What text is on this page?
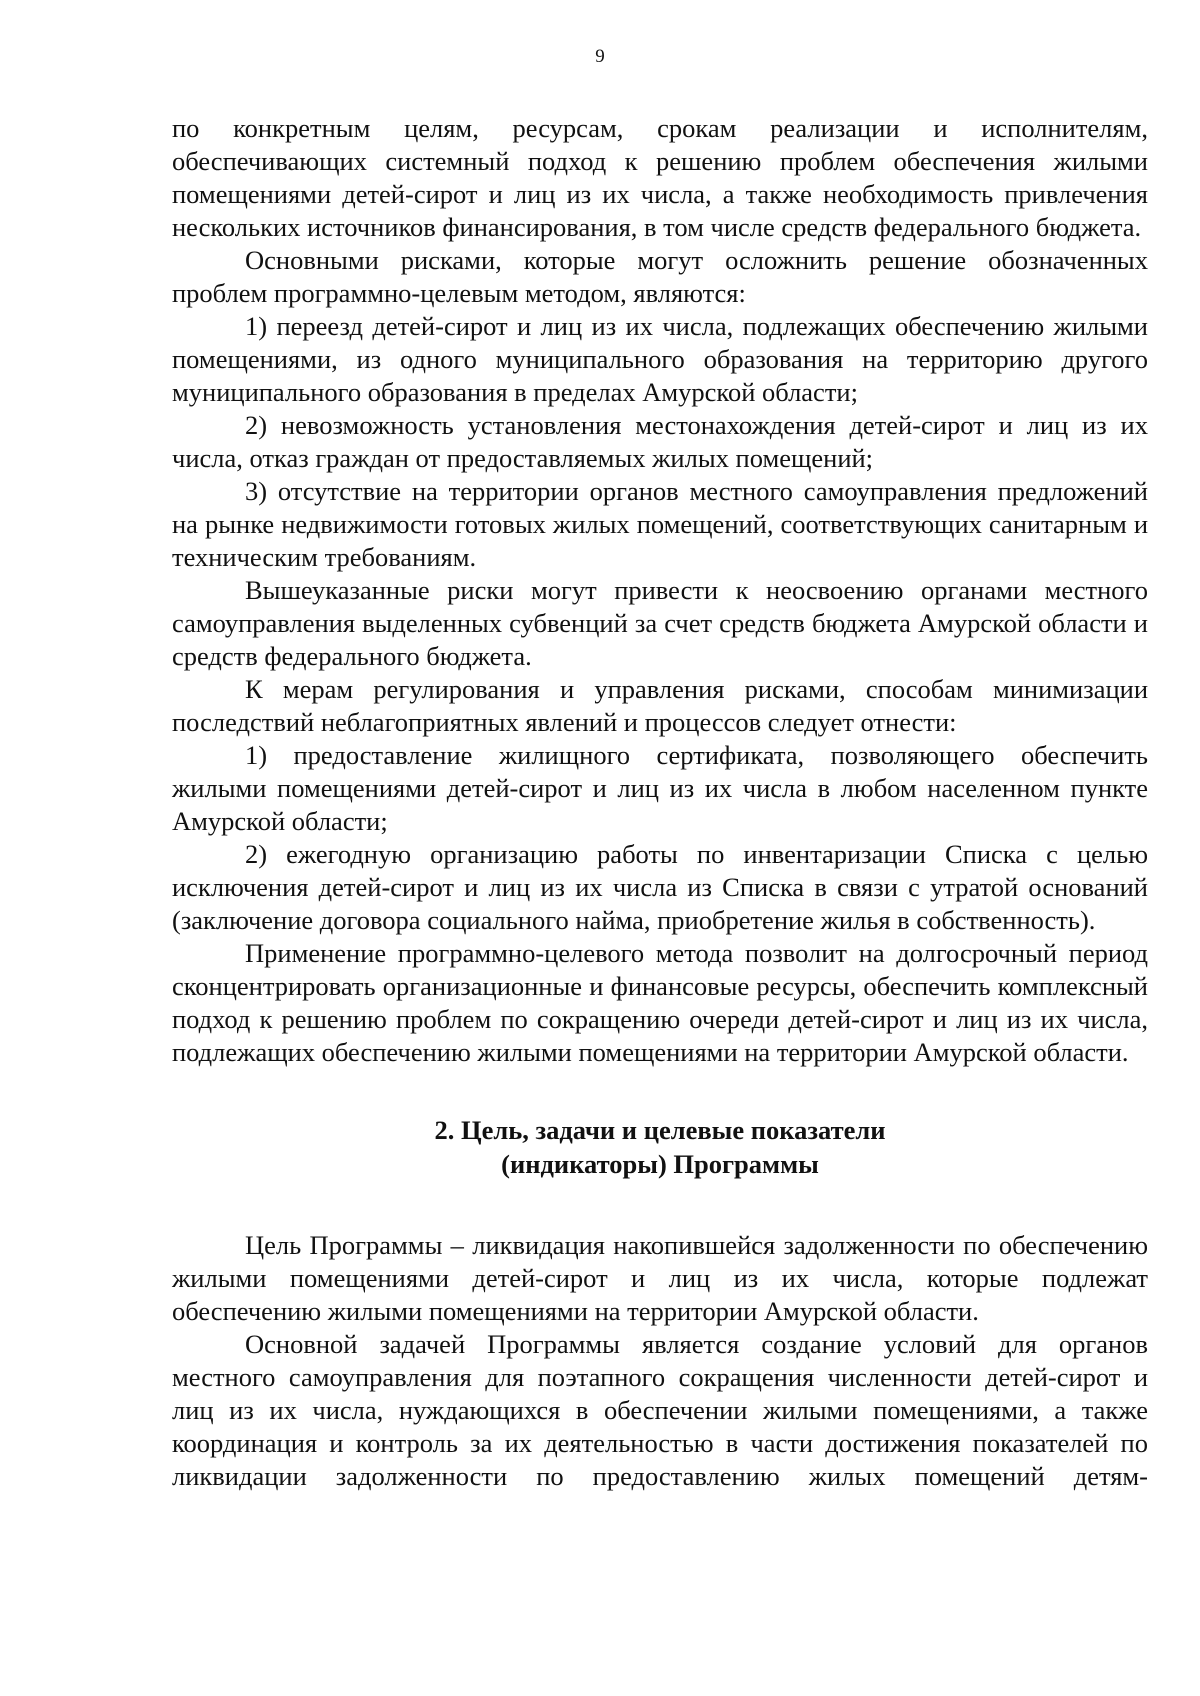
9

по конкретным целям, ресурсам, срокам реализации и исполнителям, обеспечивающих системный подход к решению проблем обеспечения жилыми помещениями детей-сирот и лиц из их числа, а также необходимость привлечения нескольких источников финансирования, в том числе средств федерального бюджета.

Основными рисками, которые могут осложнить решение обозначенных проблем программно-целевым методом, являются:

1) переезд детей-сирот и лиц из их числа, подлежащих обеспечению жилыми помещениями, из одного муниципального образования на территорию другого муниципального образования в пределах Амурской области;

2) невозможность установления местонахождения детей-сирот и лиц из их числа, отказ граждан от предоставляемых жилых помещений;

3) отсутствие на территории органов местного самоуправления предложений на рынке недвижимости готовых жилых помещений, соответствующих санитарным и техническим требованиям.

Вышеуказанные риски могут привести к неосвоению органами местного самоуправления выделенных субвенций за счет средств бюджета Амурской области и средств федерального бюджета.

К мерам регулирования и управления рисками, способам минимизации последствий неблагоприятных явлений и процессов следует отнести:

1) предоставление жилищного сертификата, позволяющего обеспечить жилыми помещениями детей-сирот и лиц из их числа в любом населенном пункте Амурской области;

2) ежегодную организацию работы по инвентаризации Списка с целью исключения детей-сирот и лиц из их числа из Списка в связи с утратой оснований (заключение договора социального найма, приобретение жилья в собственность).

Применение программно-целевого метода позволит на долгосрочный период сконцентрировать организационные и финансовые ресурсы, обеспечить комплексный подход к решению проблем по сокращению очереди детей-сирот и лиц из их числа, подлежащих обеспечению жилыми помещениями на территории Амурской области.

2. Цель, задачи и целевые показатели
(индикаторы) Программы

Цель Программы – ликвидация накопившейся задолженности по обеспечению жилыми помещениями детей-сирот и лиц из их числа, которые подлежат обеспечению жилыми помещениями на территории Амурской области.

Основной задачей Программы является создание условий для органов местного самоуправления для поэтапного сокращения численности детей-сирот и лиц из их числа, нуждающихся в обеспечении жилыми помещениями, а также координация и контроль за их деятельностью в части достижения показателей по ликвидации задолженности по предоставлению жилых помещений детям-
